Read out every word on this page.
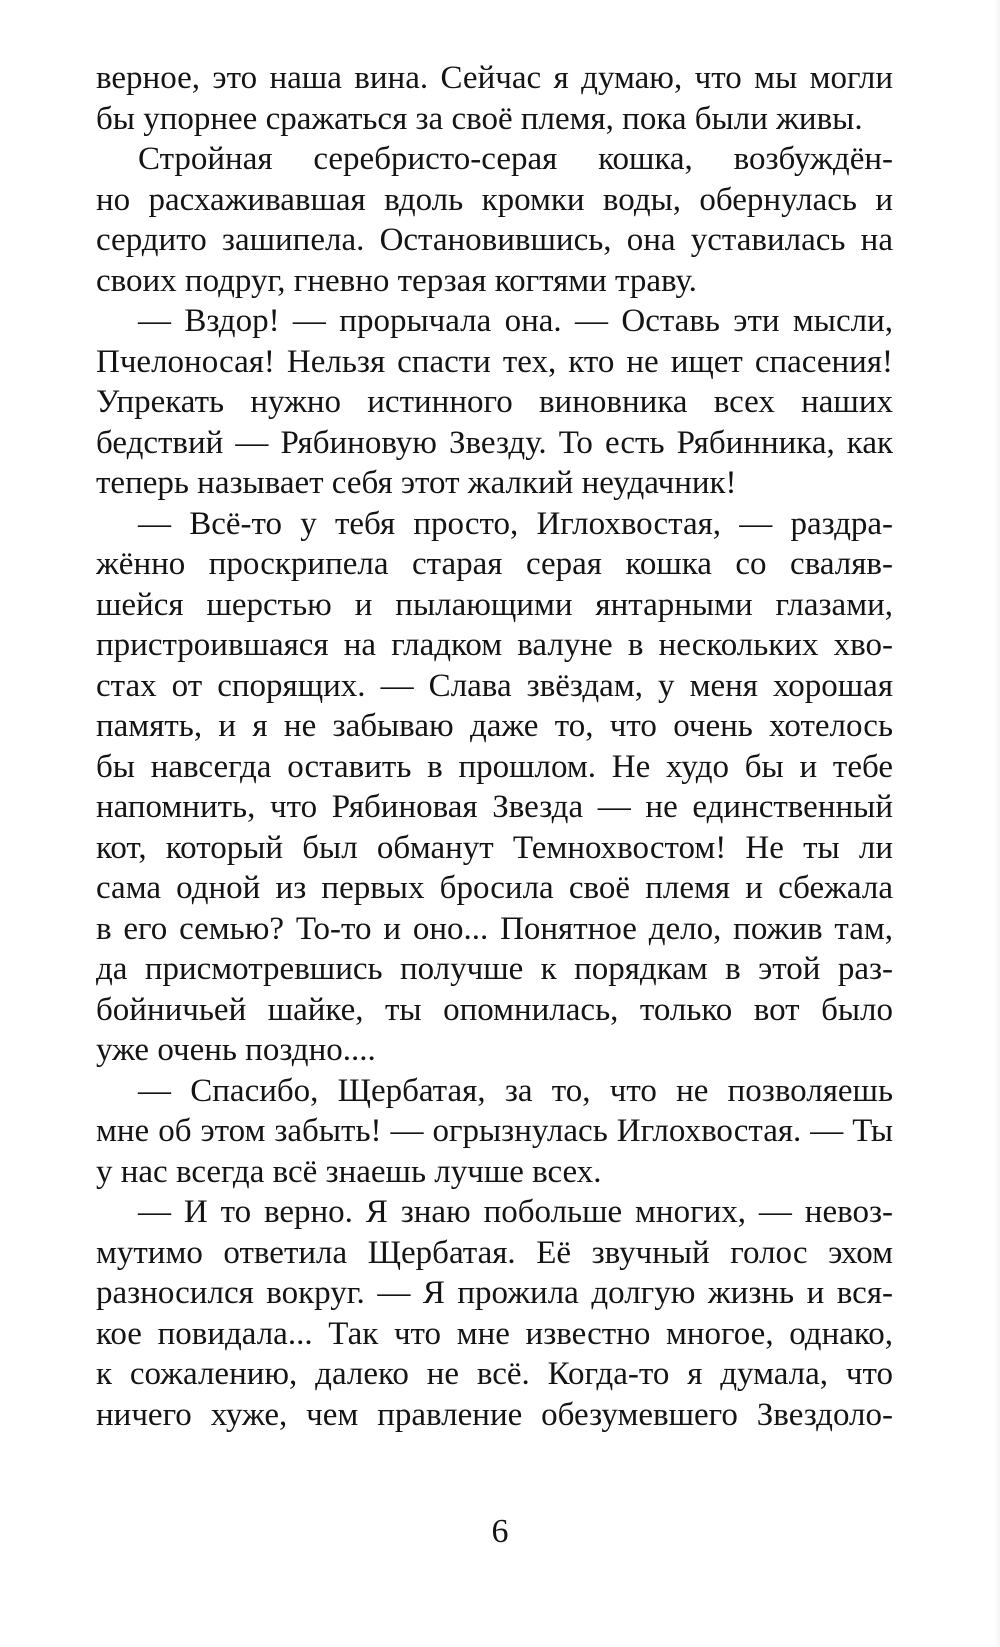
верное, это наша вина. Сейчас я думаю, что мы могли
бы упорнее сражаться за своё племя, пока были живы.
Стройная серебристо-серая кошка, возбуждён-
но расхаживавшая вдоль кромки воды, обернулась и
сердито зашипела. Остановившись, она уставилась на
своих подруг, гневно терзая когтями траву.
— Вздор! — прорычала она. — Оставь эти мысли,
Пчелоносая! Нельзя спасти тех, кто не ищет спасения!
Упрекать нужно истинного виновника всех наших
бедствий — Рябиновую Звезду. То есть Рябинника, как
теперь называет себя этот жалкий неудачник!
— Всё-то у тебя просто, Иглохвостая, — раздра-
жённо проскрипела старая серая кошка со сваляв-
шейся шерстью и пылающими янтарными глазами,
пристроившаяся на гладком валуне в нескольких хво-
стах от спорящих. — Слава звёздам, у меня хорошая
память, и я не забываю даже то, что очень хотелось
бы навсегда оставить в прошлом. Не худо бы и тебе
напомнить, что Рябиновая Звезда — не единственный
кот, который был обманут Темнохвостом! Не ты ли
сама одной из первых бросила своё племя и сбежала
в его семью? То-то и оно... Понятное дело, пожив там,
да присмотревшись получше к порядкам в этой раз-
бойничьей шайке, ты опомнилась, только вот было
уже очень поздно....
— Спасибо, Щербатая, за то, что не позволяешь
мне об этом забыть! — огрызнулась Иглохвостая. — Ты
у нас всегда всё знаешь лучше всех.
— И то верно. Я знаю побольше многих, — невоз-
мутимо ответила Щербатая. Её звучный голос эхом
разносился вокруг. — Я прожила долгую жизнь и вся-
кое повидала... Так что мне известно многое, однако,
к сожалению, далеко не всё. Когда-то я думала, что
ничего хуже, чем правление обезумевшего Звездоло-
6
